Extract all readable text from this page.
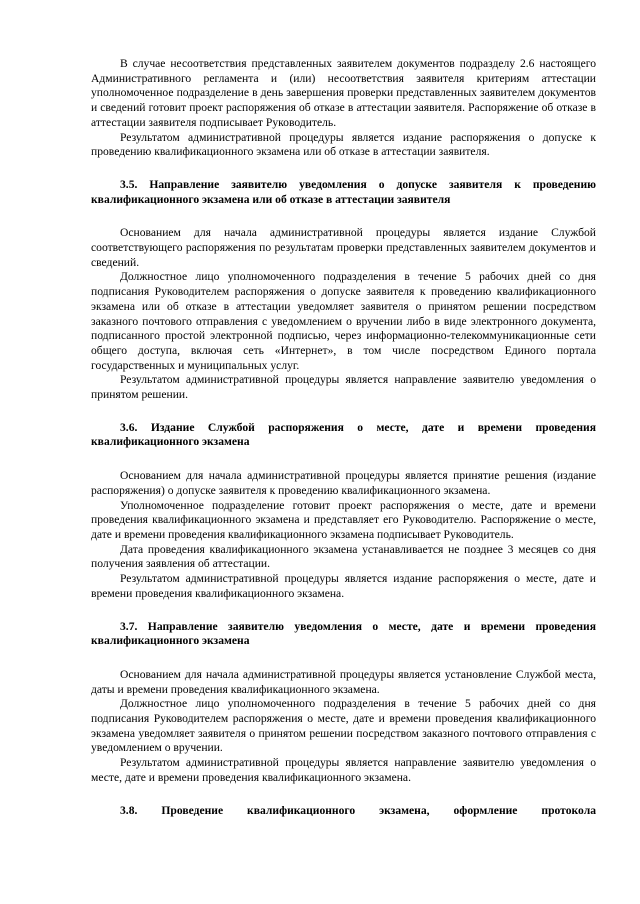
В случае несоответствия представленных заявителем документов подразделу 2.6 настоящего Административного регламента и (или) несоответствия заявителя критериям аттестации уполномоченное подразделение в день завершения проверки представленных заявителем документов и сведений готовит проект распоряжения об отказе в аттестации заявителя. Распоряжение об отказе в аттестации заявителя подписывает Руководитель.

Результатом административной процедуры является издание распоряжения о допуске к проведению квалификационного экзамена или об отказе в аттестации заявителя.

3.5. Направление заявителю уведомления о допуске заявителя к проведению квалификационного экзамена или об отказе в аттестации заявителя

Основанием для начала административной процедуры является издание Службой соответствующего распоряжения по результатам проверки представленных заявителем документов и сведений.

Должностное лицо уполномоченного подразделения в течение 5 рабочих дней со дня подписания Руководителем распоряжения о допуске заявителя к проведению квалификационного экзамена или об отказе в аттестации уведомляет заявителя о принятом решении посредством заказного почтового отправления с уведомлением о вручении либо в виде электронного документа, подписанного простой электронной подписью, через информационно-телекоммуникационные сети общего доступа, включая сеть «Интернет», в том числе посредством Единого портала государственных и муниципальных услуг.

Результатом административной процедуры является направление заявителю уведомления о принятом решении.

3.6. Издание Службой распоряжения о месте, дате и времени проведения квалификационного экзамена

Основанием для начала административной процедуры является принятие решения (издание распоряжения) о допуске заявителя к проведению квалификационного экзамена.

Уполномоченное подразделение готовит проект распоряжения о месте, дате и времени проведения квалификационного экзамена и представляет его Руководителю. Распоряжение о месте, дате и времени проведения квалификационного экзамена подписывает Руководитель.

Дата проведения квалификационного экзамена устанавливается не позднее 3 месяцев со дня получения заявления об аттестации.

Результатом административной процедуры является издание распоряжения о месте, дате и времени проведения квалификационного экзамена.

3.7. Направление заявителю уведомления о месте, дате и времени проведения квалификационного экзамена

Основанием для начала административной процедуры является установление Службой места, даты и времени проведения квалификационного экзамена.

Должностное лицо уполномоченного подразделения в течение 5 рабочих дней со дня подписания Руководителем распоряжения о месте, дате и времени проведения квалификационного экзамена уведомляет заявителя о принятом решении посредством заказного почтового отправления с уведомлением о вручении.

Результатом административной процедуры является направление заявителю уведомления о месте, дате и времени проведения квалификационного экзамена.

3.8. Проведение квалификационного экзамена, оформление протокола
